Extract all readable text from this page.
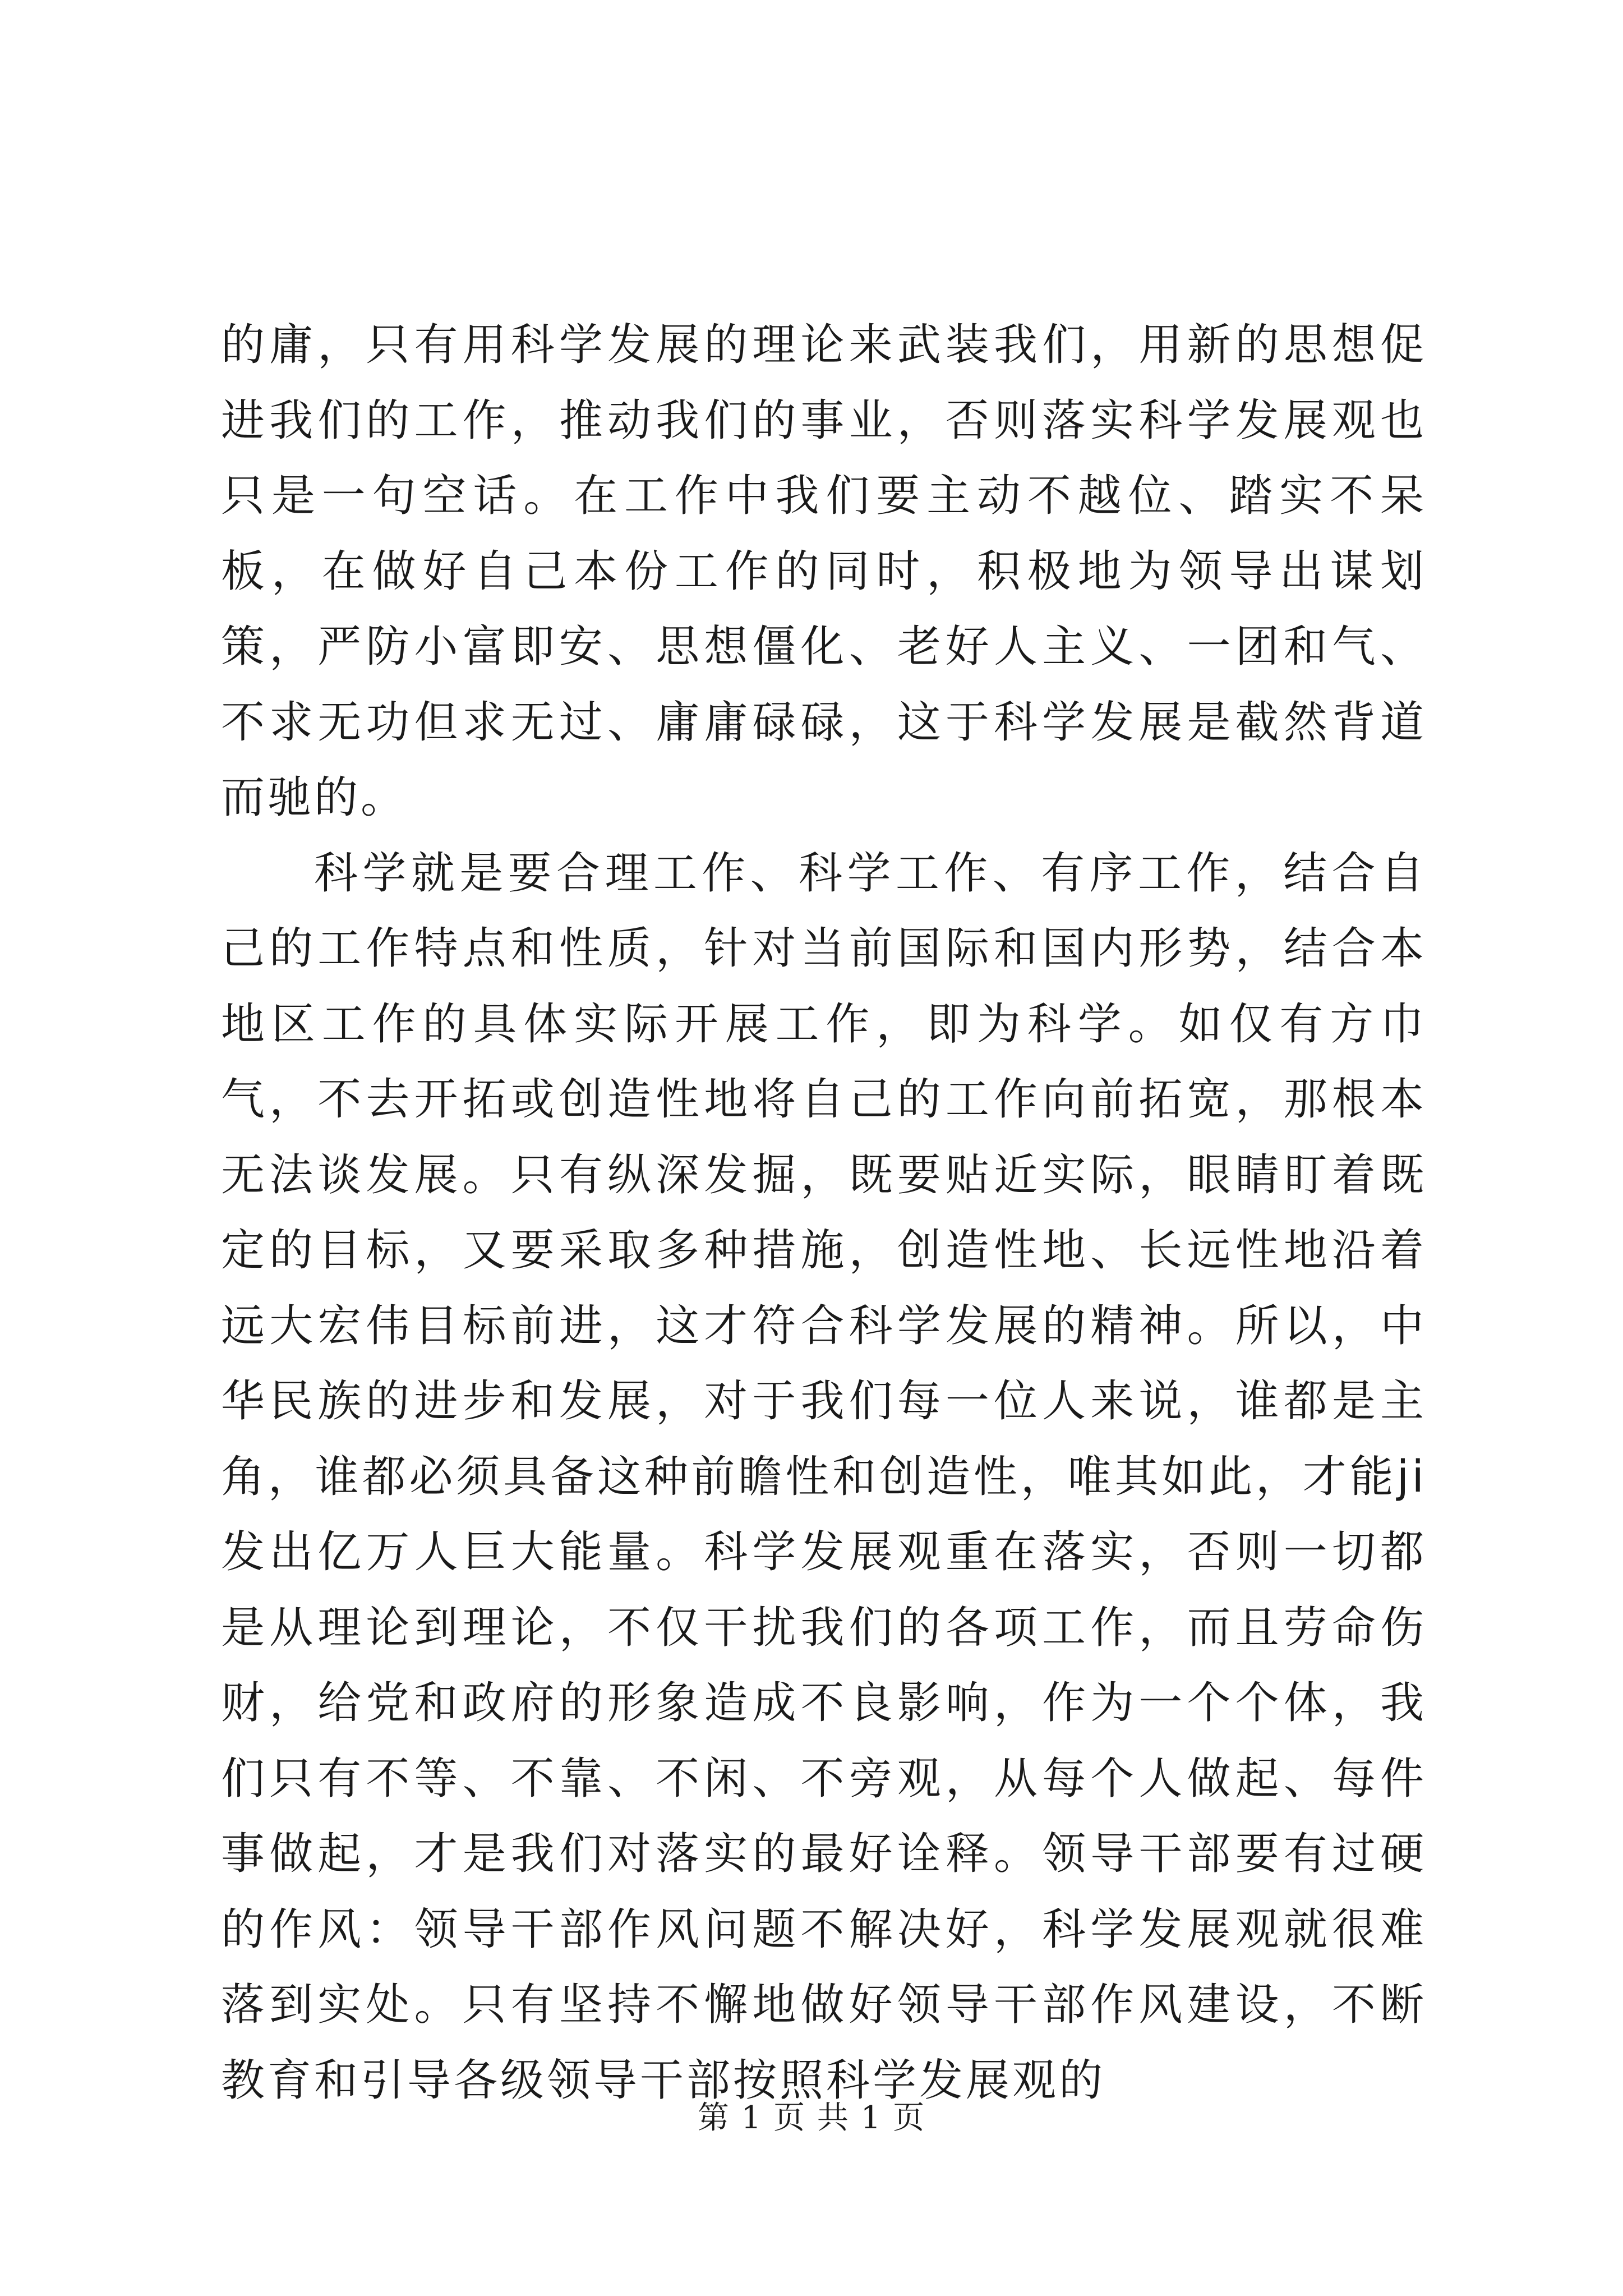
的庸，只有用科学发展的理论来武装我们，用新的思想促进我们的工作，推动我们的事业，否则落实科学发展观也只是一句空话。在工作中我们要主动不越位、踏实不呆板，在做好自己本份工作的同时，积极地为领导出谋划策，严防小富即安、思想僵化、老好人主义、一团和气、不求无功但求无过、庸庸碌碌，这于科学发展是截然背道而驰的。

科学就是要合理工作、科学工作、有序工作，结合自己的工作特点和性质，针对当前国际和国内形势，结合本地区工作的具体实际开展工作，即为科学。如仅有方巾气，不去开拓或创造性地将自己的工作向前拓宽，那根本无法谈发展。只有纵深发掘，既要贴近实际，眼睛盯着既定的目标，又要采取多种措施，创造性地、长远性地沿着远大宏伟目标前进，这才符合科学发展的精神。所以，中华民族的进步和发展，对于我们每一位人来说，谁都是主角，谁都必须具备这种前瞻性和创造性，唯其如此，才能ji 发出亿万人巨大能量。科学发展观重在落实，否则一切都是从理论到理论，不仅干扰我们的各项工作，而且劳命伤财，给党和政府的形象造成不良影响，作为一个个体，我们只有不等、不靠、不闲、不旁观，从每个人做起、每件事做起，才是我们对落实的最好诠释。领导干部要有过硬的作风：领导干部作风问题不解决好，科学发展观就很难落到实处。只有坚持不懈地做好领导干部作风建设，不断教育和引导各级领导干部按照科学发展观的

第 1 页 共 1 页
